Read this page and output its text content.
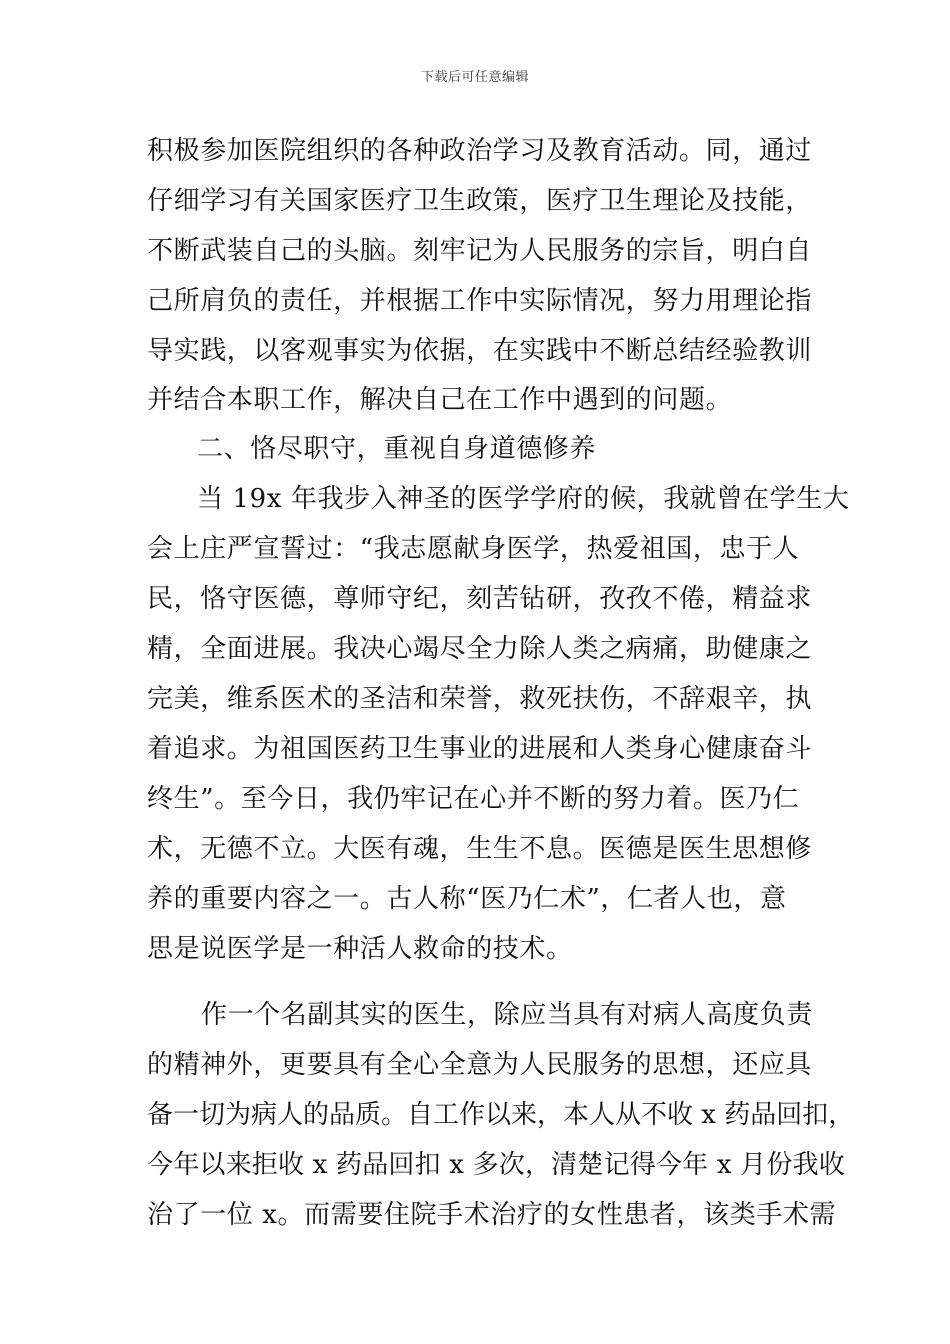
下载后可任意编辑
积极参加医院组织的各种政治学习及教育活动。同，通过
仔细学习有关国家医疗卫生政策，医疗卫生理论及技能，
不断武装自己的头脑。刻牢记为人民服务的宗旨，明白自
己所肩负的责任，并根据工作中实际情况，努力用理论指
导实践，以客观事实为依据，在实践中不断总结经验教训
并结合本职工作，解决自己在工作中遇到的问题。
二、恪尽职守，重视自身道德修养
当 19x 年我步入神圣的医学学府的候，我就曾在学生大
会上庄严宣誓过：“我志愿献身医学，热爱祖国，忠于人
民，恪守医德，尊师守纪，刻苦钻研，孜孜不倦，精益求
精，全面进展。我决心竭尽全力除人类之病痛，助健康之
完美，维系医术的圣洁和荣誉，救死扶伤，不辞艰辛，执
着追求。为祖国医药卫生事业的进展和人类身心健康奋斗
终生”。至今日，我仍牢记在心并不断的努力着。医乃仁
术，无德不立。大医有魂，生生不息。医德是医生思想修
养的重要内容之一。古人称“医乃仁术”，仁者人也，意
思是说医学是一种活人救命的技术。
作一个名副其实的医生，除应当具有对病人高度负责
的精神外，更要具有全心全意为人民服务的思想，还应具
备一切为病人的品质。自工作以来，本人从不收 x 药品回扣，
今年以来拒收 x 药品回扣 x 多次，清楚记得今年 x 月份我收
治了一位 x。而需要住院手术治疗的女性患者，该类手术需
